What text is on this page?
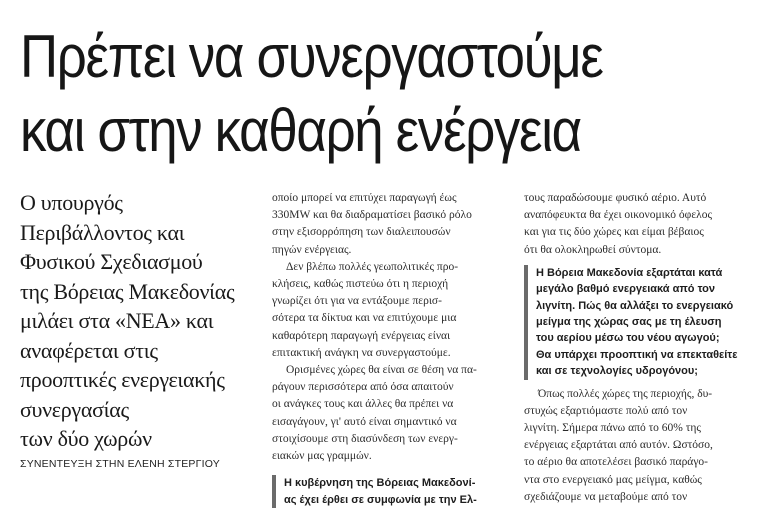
Πρέπει να συνεργαστούμε
και στην καθαρή ενέργεια

Ο υπουργός

Περιβάλλοντος και

Φυσικού Σχεδιασμού

της Βόρειας Μακεδονίας

μιλάει στα «ΝΕΑ» και

αναφέρεται στις

προοπτικές ενεργειακής

συνεργασίας

των δύο χωρών

ΣΥΝΕΝΤΕΥΞΗ ΣΤΗΝ ΕΛΕΝΗ ΣΤΕΡΓΙΟΥ
οποίο μπορεί να επιτύχει παραγωγή έως
330MW και θα διαδραματίσει βασικό ρόλο
στην εξισορρόπηση των διαλειπουσών
πηγών ενέργειας.
Δεν βλέπω πολλές γεωπολιτικές προ-
κλήσεις, καθώς πιστεύω ότι η περιοχή
γνωρίζει ότι για να εντάξουμε περισ-
σότερα τα δίκτυα και να επιτύχουμε μια
καθαρότερη παραγωγή ενέργειας είναι
επιτακτική ανάγκη να συνεργαστούμε.
Ορισμένες χώρες θα είναι σε θέση να πα-
ράγουν περισσότερα από όσα απαιτούν
οι ανάγκες τους και άλλες θα πρέπει να
εισαγάγουν, γι' αυτό είναι σημαντικό να
στοιχίσουμε στη διασύνδεση των ενεργ-
ειακών μας γραμμών.
Η κυβέρνηση της Βόρειας Μακεδονί-
ας έχει έρθει σε συμφωνία με την Ελ-
τους παραδώσουμε φυσικό αέριο. Αυτό
αναπόφευκτα θα έχει οικονομικό όφελος
και για τις δύο χώρες και είμαι βέβαιος
ότι θα ολοκληρωθεί σύντομα.
Η Βόρεια Μακεδονία εξαρτάται κατά
μεγάλο βαθμό ενεργειακά από τον
λιγνίτη. Πώς θα αλλάξει το ενεργειακό
μείγμα της χώρας σας με τη έλευση
του αερίου μέσω του νέου αγωγού;
Θα υπάρχει προοπτική να επεκταθείτε
και σε τεχνολογίες υδρογόνου;
Όπως πολλές χώρες της περιοχής, δυ-
στυχώς εξαρτιόμαστε πολύ από τον
λιγνίτη. Σήμερα πάνω από το 60% της
ενέργειας εξαρτάται από αυτόν. Ωστόσο,
το αέριο θα αποτελέσει βασικό παράγο-
ντα στο ενεργειακό μας μείγμα, καθώς
σχεδιάζουμε να μεταβούμε από τον
